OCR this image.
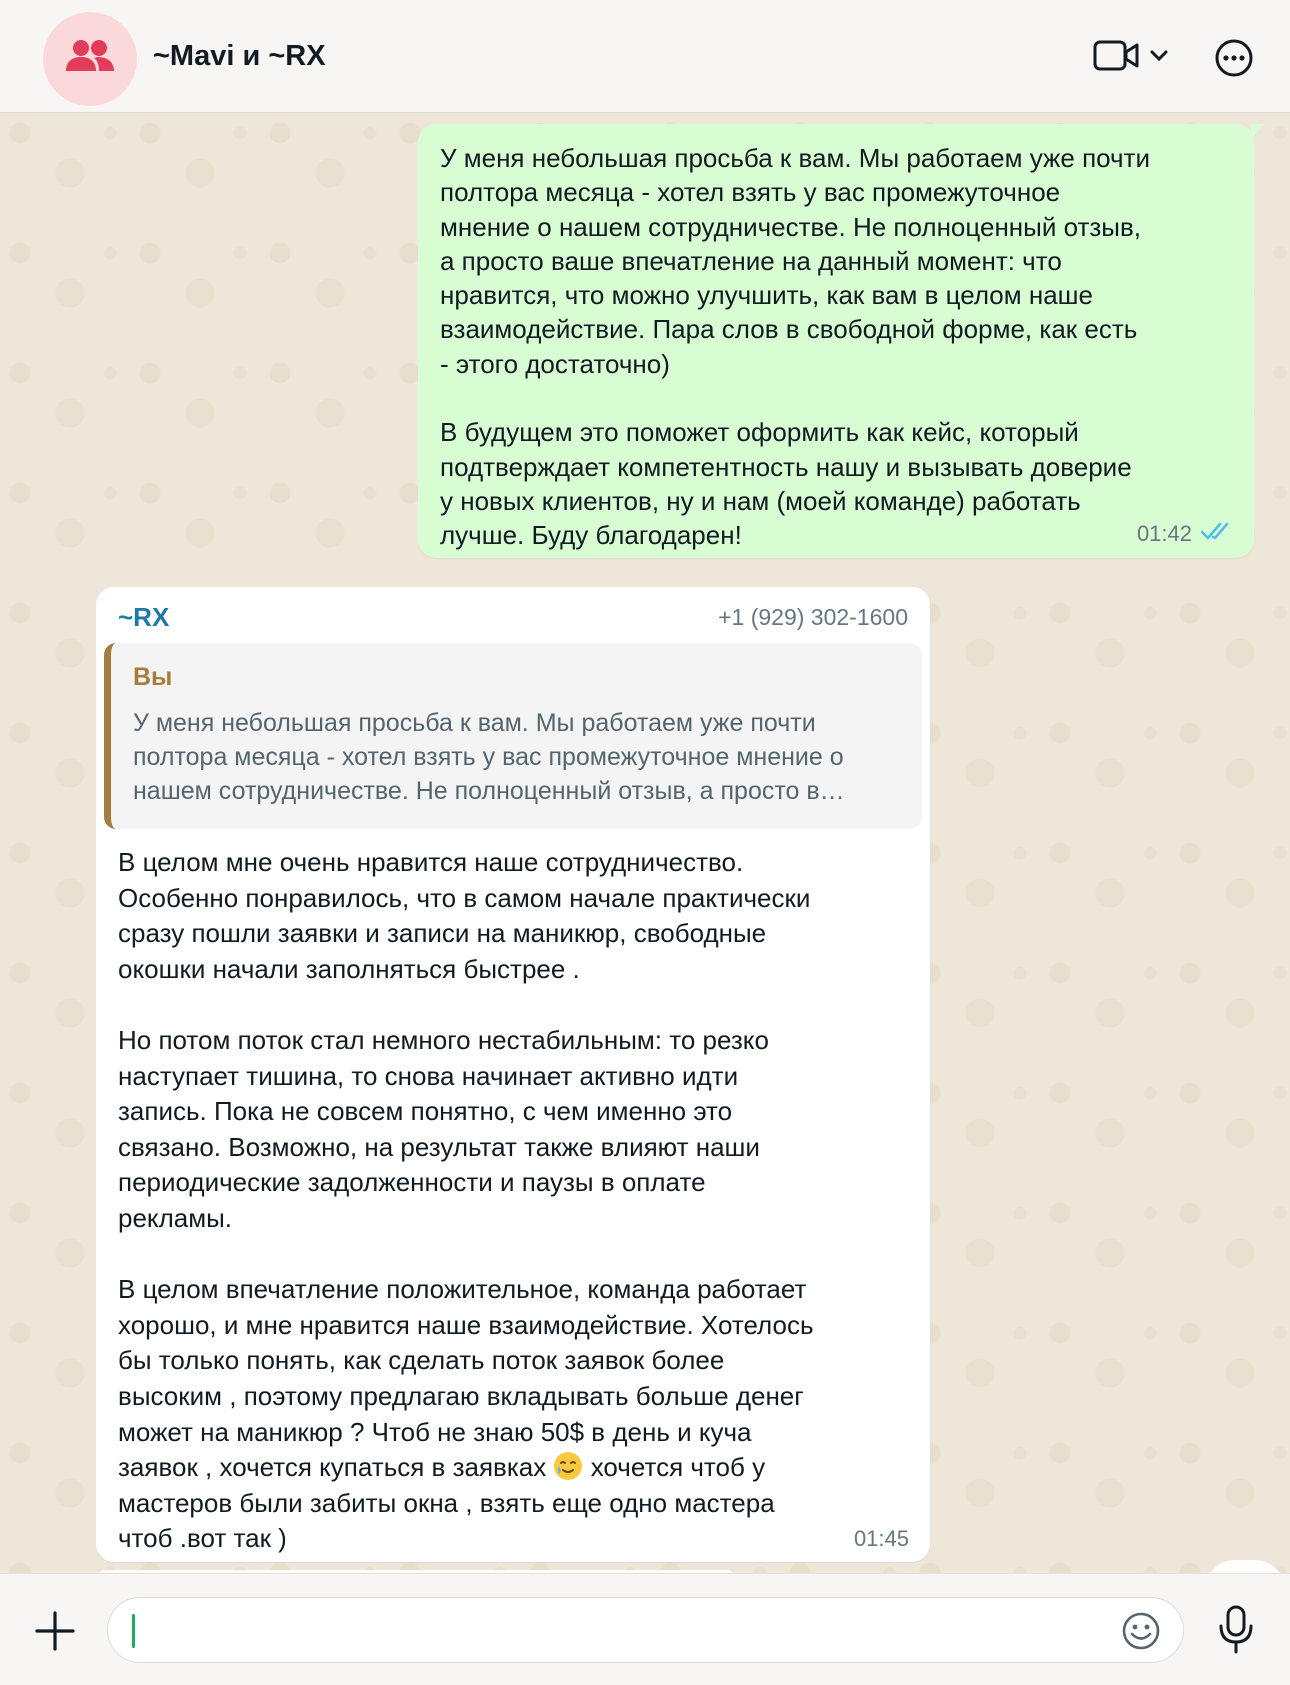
~Mavi и ~RX
У меня небольшая просьба к вам. Мы работаем уже почти
полтора месяца - хотел взять у вас промежуточное
мнение о нашем сотрудничестве. Не полноценный отзыв,
а просто ваше впечатление на данный момент: что
нравится, что можно улучшить, как вам в целом наше
взаимодействие. Пара слов в свободной форме, как есть
- этого достаточно)

В будущем это поможет оформить как кейс, который
подтверждает компетентность нашу и вызывать доверие
у новых клиентов, ну и нам (моей команде) работать
лучше. Буду благодарен!	01:42
~RX	+1 (929) 302-1600
Вы
У меня небольшая просьба к вам. Мы работаем уже почти полтора месяца - хотел взять у вас промежуточное мнение о нашем сотрудничестве. Не полноценный отзыв, а просто в…
В целом мне очень нравится наше сотрудничество.
Особенно понравилось, что в самом начале практически
сразу пошли заявки и записи на маникюр, свободные
окошки начали заполняться быстрее .

Но потом поток стал немного нестабильным: то резко
наступает тишина, то снова начинает активно идти
запись. Пока не совсем понятно, с чем именно это
связано. Возможно, на результат также влияют наши
периодические задолженности и паузы в оплате
рекламы.

В целом впечатление положительное, команда работает
хорошо, и мне нравится наше взаимодействие. Хотелось
бы только понять, как сделать поток заявок более
высоким , поэтому предлагаю вкладывать больше денег
может на маникюр ? Чтоб не знаю 50$ в день и куча
заявок , хочется купаться в заявках  хочется чтоб у
мастеров были забиты окна , взять еще одно мастера
чтоб .вот так )	01:45
